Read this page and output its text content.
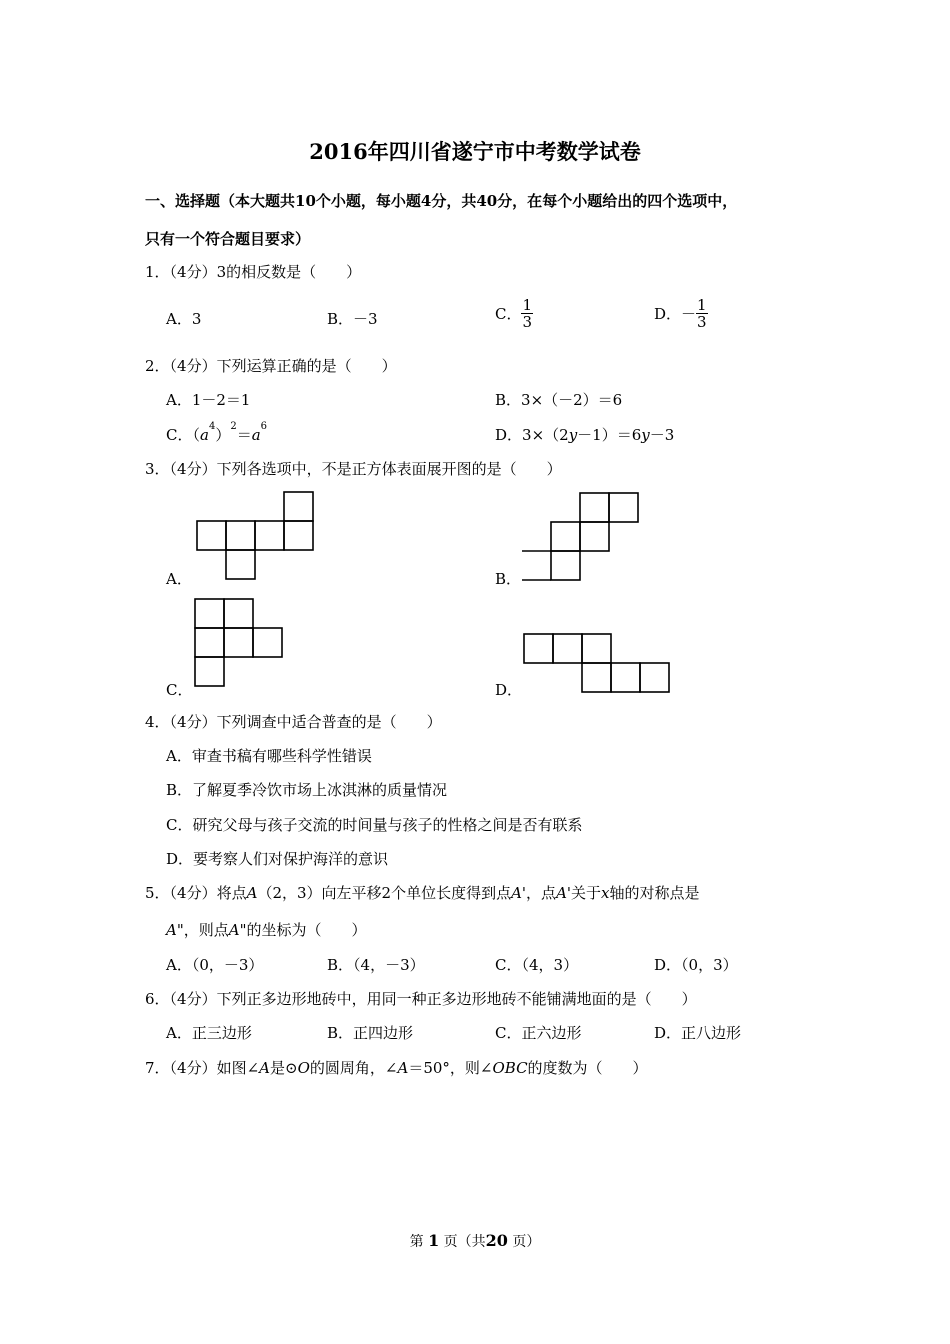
2016年四川省遂宁市中考数学试卷
一、选择题（本大题共10个小题，每小题4分，共40分，在每个小题给出的四个选项中，
只有一个符合题目要求）
1．（4分）3的相反数是（　　）
A．3	B．－3	C． $\frac{1}{3}$	D．－ $\frac{1}{3}$
2．（4分）下列运算正确的是（　　）
A．1－2＝1	B．3×（－2）＝6
C．$(a^4)^2=a^6$	D．3×（2y－1）＝6y－3
3．（4分）下列各选项中，不是正方体表面展开图的是（　　）
A．	B．
C．	D．
4．（4分）下列调查中适合普查的是（　　）
A．审查书稿有哪些科学性错误
B．了解夏季冷饮市场上冰淇淋的质量情况
C．研究父母与孩子交流的时间量与孩子的性格之间是否有联系
D．要考察人们对保护海洋的意识
5．（4分）将点A（2，3）向左平移2个单位长度得到点A'，点A'关于x轴的对称点是
A"，则点A"的坐标为（　　）
A．（0，－3）	B．（4，－3）	C．（4，3）	D．（0，3）
6．（4分）下列正多边形地砖中，用同一种正多边形地砖不能铺满地面的是（　　）
A．正三边形	B．正四边形	C．正六边形	D．正八边形
7．（4分）如图∠A是⊙O的圆周角，∠A＝50°，则∠OBC的度数为（　　）
第 1 页（共20 页）
